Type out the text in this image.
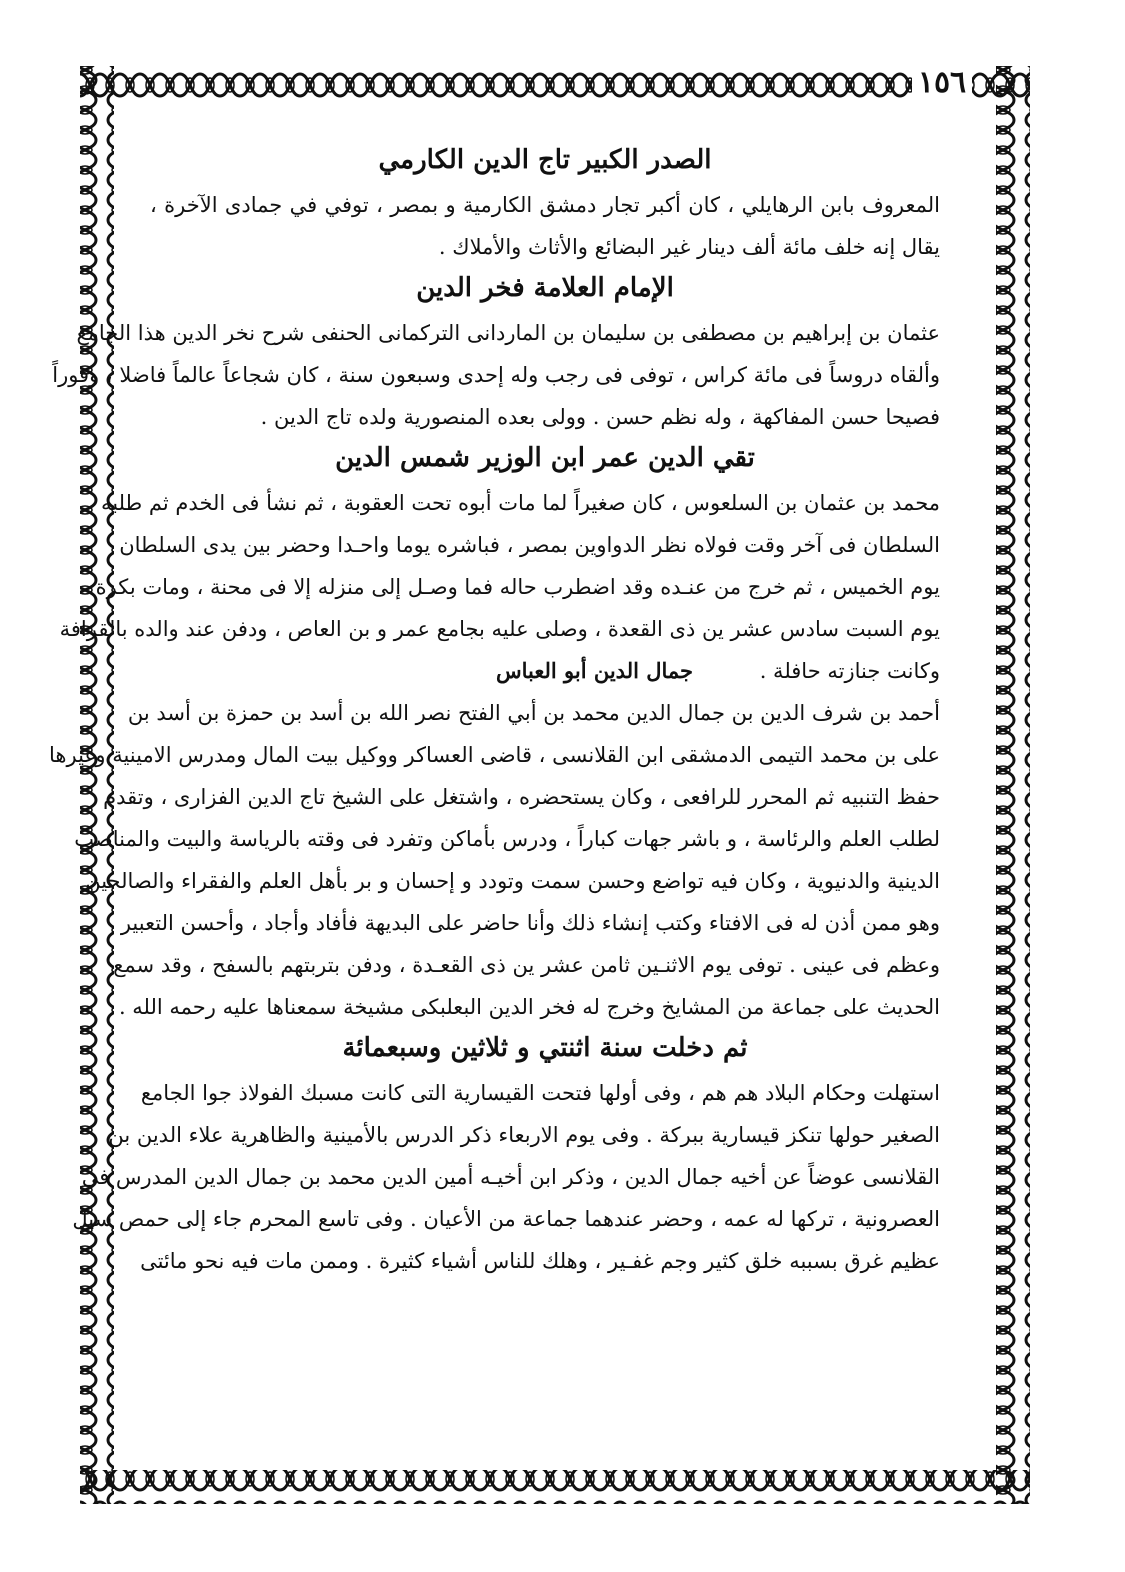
١٥٦
الصدر الكبير تاج الدين الكارمي
المعروف بابن الرهايلي ، كان أكبر تجار دمشق الكارمية و بمصر ، توفي في جمادى الآخرة ،
يقال إنه خلف مائة ألف دينار غير البضائع والأثاث والأملاك .
الإمام العلامة فخر الدين
عثمان بن إبراهيم بن مصطفى بن سليمان بن الماردانى التركمانى الحنفى شرح نخر الدين هذا الجامع
وألقاه دروساً فى مائة كراس ، توفى فى رجب وله إحدى وسبعون سنة ، كان شجاعاً عالماً فاضلا ، وقوراً
فصيحا حسن المفاكهة ، وله نظم حسن . وولى بعده المنصورية ولده تاج الدين .
تقي الدين عمر ابن الوزير شمس الدين
محمد بن عثمان بن السلعوس ، كان صغيراً لما مات أبوه تحت العقوبة ، ثم نشأ فى الخدم ثم طلبه
السلطان فى آخر وقت فولاه نظر الدواوين بمصر ، فباشره يوما واحـدا وحضر بين يدى السلطان
يوم الخميس ، ثم خرج من عنـده وقد اضطرب حاله فما وصـل إلى منزله إلا فى محنة ، ومات بكرة
يوم السبت سادس عشر ين ذى القعدة ، وصلى عليه بجامع عمر و بن العاص ، ودفن عند والده بالقرافة
وكانت جنازته حافلة . جمال الدين أبو العباس
أحمد بن شرف الدين بن جمال الدين محمد بن أبي الفتح نصر الله بن أسد بن حمزة بن أسد بن
على بن محمد التيمى الدمشقى ابن القلانسى ، قاضى العساكر ووكيل بيت المال ومدرس الامينية وغيرها
حفظ التنبيه ثم المحرر للرافعى ، وكان يستحضره ، واشتغل على الشيخ تاج الدين الفزارى ، وتقدم
لطلب العلم والرئاسة ، و باشر جهات كباراً ، ودرس بأماكن وتفرد فى وقته بالرياسة والبيت والمناصب
الدينية والدنيوية ، وكان فيه تواضع وحسن سمت وتودد و إحسان و بر بأهل العلم والفقراء والصالحين
وهو ممن أذن له فى الافتاء وكتب إنشاء ذلك وأنا حاضر على البديهة فأفاد وأجاد ، وأحسن التعبير
وعظم فى عينى . توفى يوم الاثنـين ثامن عشر ين ذى القعـدة ، ودفن بتربتهم بالسفح ، وقد سمع
الحديث على جماعة من المشايخ وخرج له فخر الدين البعلبكى مشيخة سمعناها عليه رحمه الله .
ثم دخلت سنة اثنتي و ثلاثين وسبعمائة
استهلت وحكام البلاد هم هم ، وفى أولها فتحت القيسارية التى كانت مسبك الفولاذ جوا الجامع
الصغير حولها تنكز قيسارية ببركة . وفى يوم الاربعاء ذكر الدرس بالأمينية والظاهرية علاء الدين بن
القلانسى عوضاً عن أخيه جمال الدين ، وذكر ابن أخيـه أمين الدين محمد بن جمال الدين المدرس فى
العصرونية ، تركها له عمه ، وحضر عندهما جماعة من الأعيان . وفى تاسع المحرم جاء إلى حمص سيل
عظيم غرق بسببه خلق كثير وجم غفـير ، وهلك للناس أشياء كثيرة . وممن مات فيه نحو مائتى
